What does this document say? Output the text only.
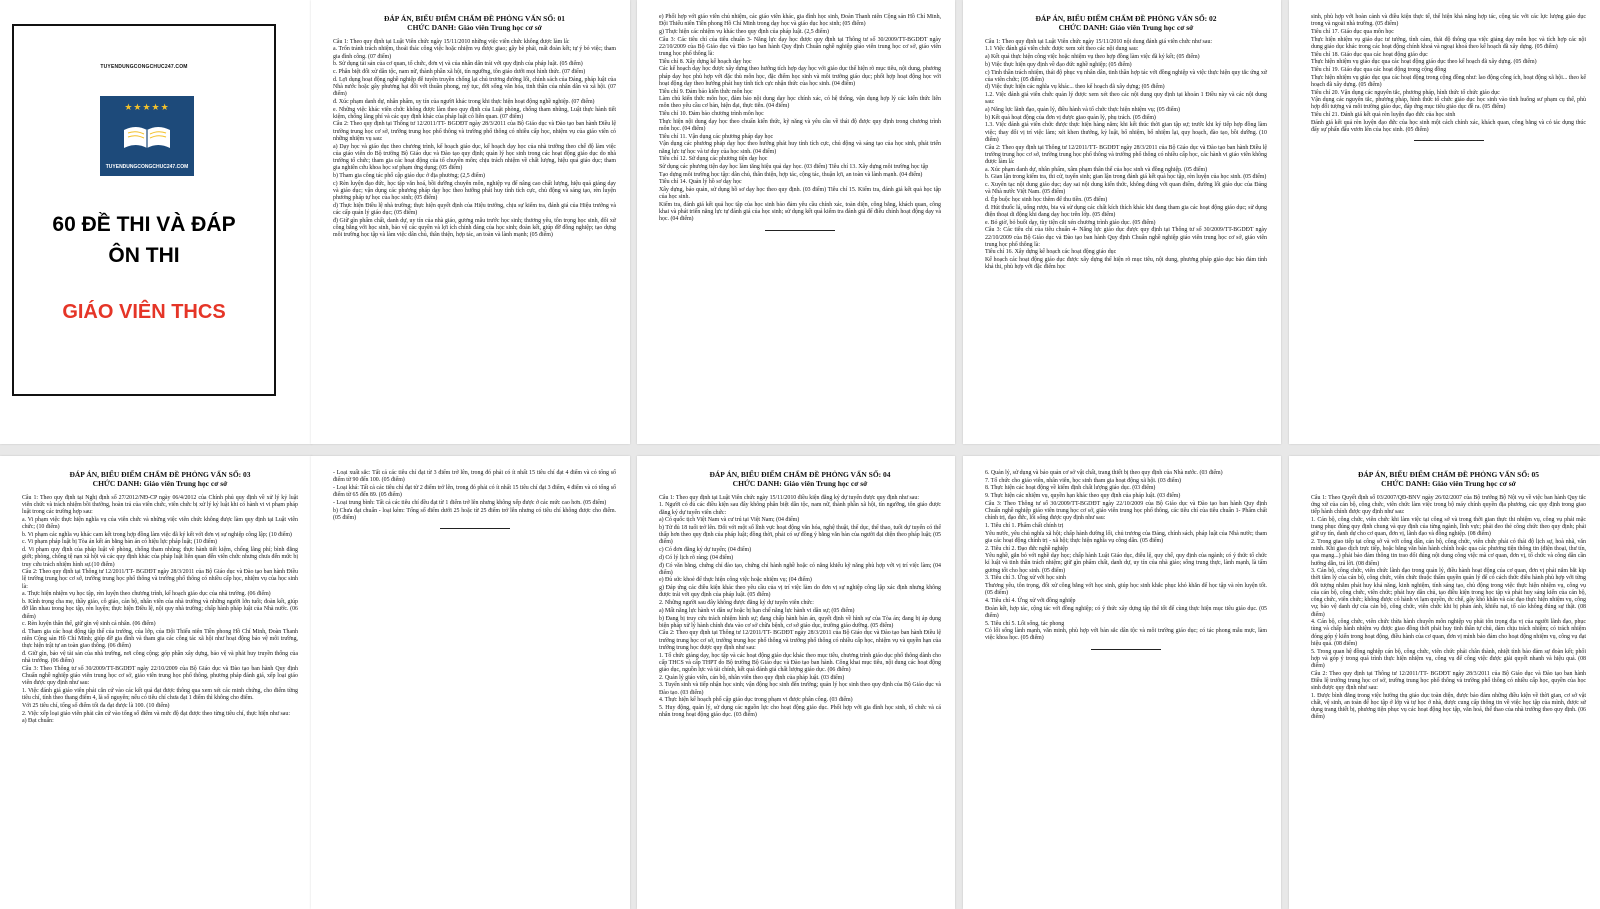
TUYENDUNGCONGCHUC247.COM
★★★★★
TUYENDUNGCONGCHUC247.COM
60 ĐỀ THI VÀ ĐÁP
ÔN THI
GIÁO VIÊN THCS
ĐÁP ÁN, BIỂU ĐIỂM CHẤM ĐỀ PHỎNG VẤN SỐ: 01
CHỨC DANH: Giáo viên Trung học cơ sở

Câu 1: Theo quy định tại Luật Viên chức ngày 15/11/2010 những việc viên chức không được làm là:

a. Trốn tránh trách nhiệm, thoái thác công việc hoặc nhiệm vụ được giao; gây bè phái, mất đoàn kết; tự ý bỏ việc; tham gia đình công. (07 điểm)

b. Sử dụng tài sản của cơ quan, tổ chức, đơn vị và của nhân dân trái với quy định của pháp luật. (05 điểm)

c. Phân biệt đối xử dân tộc, nam nữ, thành phần xã hội, tín ngưỡng, tôn giáo dưới mọi hình thức. (07 điểm)

d. Lợi dụng hoạt động nghề nghiệp để tuyên truyền chống lại chủ trương đường lối, chính sách của Đảng, pháp luật của Nhà nước hoặc gây phương hại đối với thuần phong, mỹ tục, đời sống văn hóa, tinh thần của nhân dân và xã hội. (07 điểm)

đ. Xúc phạm danh dự, nhân phẩm, uy tín của người khác trong khi thực hiện hoạt động nghề nghiệp. (07 điểm)

e. Những việc khác viên chức không được làm theo quy định của Luật phòng, chống tham nhũng, Luật thực hành tiết kiệm, chống lãng phí và các quy định khác của pháp luật có liên quan. (07 điểm)

Câu 2: Theo quy định tại Thông tư 12/2011/TT- BGDĐT ngày 28/3/2011 của Bộ Giáo dục và Đào tạo ban hành Điều lệ trường trung học cơ sở, trường trung học phổ thông và trường phổ thông có nhiều cấp học, nhiệm vụ của giáo viên có những nhiệm vụ sau:

a) Dạy học và giáo dục theo chương trình, kế hoạch giáo dục, kế hoạch dạy học của nhà trường theo chế độ làm việc của giáo viên do Bộ trưởng Bộ Giáo dục và Đào tạo quy định; quản lý học sinh trong các hoạt động giáo dục do nhà trường tổ chức; tham gia các hoạt động của tổ chuyên môn; chịu trách nhiệm về chất lượng, hiệu quả giáo dục; tham gia nghiên cứu khoa học sư phạm ứng dụng; (05 điểm)

b) Tham gia công tác phổ cập giáo dục ở địa phương; (2,5 điểm)

c) Rèn luyện đạo đức, học tập văn hoá, bồi dưỡng chuyên môn, nghiệp vụ để nâng cao chất lượng, hiệu quả giảng dạy và giáo dục; vận dụng các phương pháp dạy học theo hướng phát huy tính tích cực, chủ động và sáng tạo, rèn luyện phương pháp tự học của học sinh; (05 điểm)

d) Thực hiện Điều lệ nhà trường; thực hiện quyết định của Hiệu trưởng, chịu sự kiểm tra, đánh giá của Hiệu trưởng và các cấp quản lý giáo dục; (05 điểm)

đ) Giữ gìn phẩm chất, danh dự, uy tín của nhà giáo, gương mẫu trước học sinh; thương yêu, tôn trọng học sinh, đối xử công bằng với học sinh, bảo vệ các quyền và lợi ích chính đáng của học sinh; đoàn kết, giúp đỡ đồng nghiệp; tạo dựng môi trường học tập và làm việc dân chủ, thân thiện, hợp tác, an toàn và lành mạnh; (05 điểm)

e) Phối hợp với giáo viên chủ nhiệm, các giáo viên khác, gia đình học sinh, Đoàn Thanh niên Cộng sản Hồ Chí Minh, Đội Thiếu niên Tiền phong Hồ Chí Minh trong dạy học và giáo dục học sinh; (05 điểm)

g) Thực hiện các nhiệm vụ khác theo quy định của pháp luật. (2,5 điểm)

Câu 3: Các tiêu chí của tiêu chuẩn 3- Năng lực dạy học được quy định tại Thông tư số 30/2009/TT-BGDĐT ngày 22/10/2009 của Bộ Giáo dục và Đào tạo ban hành Quy định Chuẩn nghề nghiệp giáo viên trung học cơ sở, giáo viên trung học phổ thông là:

Tiêu chí 8. Xây dựng kế hoạch dạy học

Các kế hoạch dạy học được xây dựng theo hướng tích hợp dạy học với giáo dục thể hiện rõ mục tiêu, nội dung, phương pháp dạy học phù hợp với đặc thù môn học, đặc điểm học sinh và môi trường giáo dục; phối hợp hoạt động học với hoạt động dạy theo hướng phát huy tính tích cực nhận thức của học sinh. (04 điểm)

Tiêu chí 9. Đảm bảo kiến thức môn học

Làm chủ kiến thức môn học, đảm bảo nội dung dạy học chính xác, có hệ thống, vận dụng hợp lý các kiến thức liên môn theo yêu cầu cơ bản, hiện đại, thực tiễn. (04 điểm)

Tiêu chí 10. Đảm bảo chương trình môn học

Thực hiện nội dung dạy học theo chuẩn kiến thức, kỹ năng và yêu cầu về thái độ được quy định trong chương trình môn học. (04 điểm)

Tiêu chí 11. Vận dụng các phương pháp dạy học

Vận dụng các phương pháp dạy học theo hướng phát huy tính tích cực, chủ động và sáng tạo của học sinh, phát triển năng lực tự học và tư duy của học sinh. (04 điểm)

Tiêu chí 12. Sử dụng các phương tiện dạy học

Sử dụng các phương tiện dạy học làm tăng hiệu quả dạy học. (03 điểm) Tiêu chí 13. Xây dựng môi trường học tập

Tạo dựng môi trường học tập: dân chủ, thân thiện, hợp tác, cộng tác, thuận lợi, an toàn và lành mạnh. (04 điểm)

Tiêu chí 14. Quản lý hồ sơ dạy học

Xây dựng, bảo quản, sử dụng hồ sơ dạy học theo quy định. (03 điểm) Tiêu chí 15. Kiểm tra, đánh giá kết quả học tập của học sinh.

Kiểm tra, đánh giá kết quả học tập của học sinh bảo đảm yêu cầu chính xác, toàn diện, công bằng, khách quan, công khai và phát triển năng lực tự đánh giá của học sinh; sử dụng kết quả kiểm tra đánh giá để điều chỉnh hoạt động dạy và học. (04 điểm)

ĐÁP ÁN, BIỂU ĐIỂM CHẤM ĐỀ PHỎNG VẤN SỐ: 02
CHỨC DANH: Giáo viên Trung học cơ sở

Câu 1: Theo quy định tại Luật Viên chức ngày 15/11/2010 nội dung đánh giá viên chức như sau:

1.1 Việc đánh giá viên chức được xem xét theo các nội dung sau:

a) Kết quả thực hiện công việc hoặc nhiệm vụ theo hợp đồng làm việc đã ký kết; (05 điểm)

b) Việc thực hiện quy định về đạo đức nghề nghiệp; (05 điểm)

c) Tinh thần trách nhiệm, thái độ phục vụ nhân dân, tinh thần hợp tác với đồng nghiệp và việc thực hiện quy tắc ứng xử của viên chức; (05 điểm)

d) Việc thực hiện các nghĩa vụ khác... theo kế hoạch đã xây dựng; (05 điểm)

1.2. Việc đánh giá viên chức quản lý được xem xét theo các nội dung quy định tại khoản 1 Điều này và các nội dung sau:

a) Năng lực lãnh đạo, quản lý, điều hành và tổ chức thực hiện nhiệm vụ; (05 điểm)

b) Kết quả hoạt động của đơn vị được giao quản lý, phụ trách. (05 điểm)

1.3. Việc đánh giá viên chức được thực hiện hàng năm; khi kết thúc thời gian tập sự; trước khi ký tiếp hợp đồng làm việc; thay đổi vị trí việc làm; xét khen thưởng, kỷ luật, bổ nhiệm, bổ nhiệm lại, quy hoạch, đào tạo, bồi dưỡng. (10 điểm)

Câu 2: Theo quy định tại Thông tư 12/2011/TT- BGDĐT ngày 28/3/2011 của Bộ Giáo dục và Đào tạo ban hành Điều lệ trường trung học cơ sở, trường trung học phổ thông và trường phổ thông có nhiều cấp học, các hành vi giáo viên không được làm là:

a. Xúc phạm danh dự, nhân phẩm, xâm phạm thân thể của học sinh và đồng nghiệp. (05 điểm)

b. Gian lận trong kiểm tra, thi cử, tuyển sinh; gian lận trong đánh giá kết quả học tập, rèn luyện của học sinh. (05 điểm)

c. Xuyên tạc nội dung giáo dục; dạy sai nội dung kiến thức, không đúng với quan điểm, đường lối giáo dục của Đảng và Nhà nước Việt Nam. (05 điểm)

d. Ép buộc học sinh học thêm để thu tiền. (05 điểm)

đ. Hút thuốc lá, uống rượu, bia và sử dụng các chất kích thích khác khi đang tham gia các hoạt động giáo dục; sử dụng điện thoại di động khi đang dạy học trên lớp. (05 điểm)

e. Bỏ giờ, bỏ buổi dạy, tùy tiện cắt xén chương trình giáo dục. (05 điểm)

Câu 3: Các tiêu chí của tiêu chuẩn 4- Năng lực giáo dục được quy định tại Thông tư số 30/2009/TT-BGDĐT ngày 22/10/2009 của Bộ Giáo dục và Đào tạo ban hành Quy định Chuẩn nghề nghiệp giáo viên trung học cơ sở, giáo viên trung học phổ thông là:

Tiêu chí 16. Xây dựng kế hoạch các hoạt động giáo dục

Kế hoạch các hoạt động giáo dục được xây dựng thể hiện rõ mục tiêu, nội dung, phương pháp giáo dục bảo đảm tính khả thi, phù hợp với đặc điểm học

sinh, phù hợp với hoàn cảnh và điều kiện thực tế, thể hiện khả năng hợp tác, cộng tác với các lực lượng giáo dục trong và ngoài nhà trường. (05 điểm)

Tiêu chí 17. Giáo dục qua môn học

Thực hiện nhiệm vụ giáo dục tư tưởng, tình cảm, thái độ thông qua việc giảng dạy môn học và tích hợp các nội dung giáo dục khác trong các hoạt động chính khoá và ngoại khoá theo kế hoạch đã xây dựng. (05 điểm)

Tiêu chí 18. Giáo dục qua các hoạt động giáo dục

Thực hiện nhiệm vụ giáo dục qua các hoạt động giáo dục theo kế hoạch đã xây dựng. (05 điểm)

Tiêu chí 19. Giáo dục qua các hoạt động trong cộng đồng

Thực hiện nhiệm vụ giáo dục qua các hoạt động trong cộng đồng như: lao động công ích, hoạt động xã hội... theo kế hoạch đã xây dựng. (05 điểm)

Tiêu chí 20. Vận dụng các nguyên tắc, phương pháp, hình thức tổ chức giáo dục

Vận dụng các nguyên tắc, phương pháp, hình thức tổ chức giáo dục học sinh vào tình huống sư phạm cụ thể, phù hợp đối tượng và môi trường giáo dục, đáp ứng mục tiêu giáo dục đề ra. (05 điểm)

Tiêu chí 21. Đánh giá kết quả rèn luyện đạo đức của học sinh

Đánh giá kết quả rèn luyện đạo đức của học sinh một cách chính xác, khách quan, công bằng và có tác dụng thúc đẩy sự phấn đấu vươn lên của học sinh. (05 điểm)

ĐÁP ÁN, BIỂU ĐIỂM CHẤM ĐỀ PHỎNG VẤN SỐ: 03
CHỨC DANH: Giáo viên Trung học cơ sở

Câu 1: Theo quy định tại Nghị định số 27/2012/NĐ-CP ngày 06/4/2012 của Chính phủ quy định về xử lý kỷ luật viên chức và trách nhiệm bồi thường, hoàn trả của viên chức, viên chức bị xử lý kỷ luật khi có hành vi vi phạm pháp luật trong các trường hợp sau:

a. Vi phạm việc thực hiện nghĩa vụ của viên chức và những việc viên chức không được làm quy định tại Luật viên chức; (10 điểm)

b. Vi phạm các nghĩa vụ khác cam kết trong hợp đồng làm việc đã ký kết với đơn vị sự nghiệp công lập; (10 điểm)

c. Vi phạm pháp luật bị Tòa án kết án bằng bản án có hiệu lực pháp luật; (10 điểm)

d. Vi phạm quy định của pháp luật về phòng, chống tham nhũng; thực hành tiết kiệm, chống lãng phí; bình đẳng giới; phòng, chống tệ nạn xã hội và các quy định khác của pháp luật liên quan đến viên chức nhưng chưa đến mức bị truy cứu trách nhiệm hình sự.(10 điểm)

Câu 2: Theo quy định tại Thông tư 12/2011/TT- BGDĐT ngày 28/3/2011 của Bộ Giáo dục và Đào tạo ban hành Điều lệ trường trung học cơ sở, trường trung học phổ thông và trường phổ thông có nhiều cấp học, nhiệm vụ của học sinh là:

a. Thực hiện nhiệm vụ học tập, rèn luyện theo chương trình, kế hoạch giáo dục của nhà trường. (06 điểm)

b. Kính trọng cha mẹ, thầy giáo, cô giáo, cán bộ, nhân viên của nhà trường và những người lớn tuổi; đoàn kết, giúp đỡ lẫn nhau trong học tập, rèn luyện; thực hiện Điều lệ, nội quy nhà trường; chấp hành pháp luật của Nhà nước. (06 điểm)

c. Rèn luyện thân thể, giữ gìn vệ sinh cá nhân. (06 điểm)

d. Tham gia các hoạt động tập thể của trường, của lớp, của Đội Thiếu niên Tiền phong Hồ Chí Minh, Đoàn Thanh niên Cộng sản Hồ Chí Minh; giúp đỡ gia đình và tham gia các công tác xã hội như hoạt động bảo vệ môi trường, thực hiện trật tự an toàn giao thông. (06 điểm)

đ. Giữ gìn, bảo vệ tài sản của nhà trường, nơi công cộng; góp phần xây dựng, bảo vệ và phát huy truyền thống của nhà trường. (06 điểm)

Câu 3: Theo Thông tư số 30/2009/TT-BGDĐT ngày 22/10/2009 của Bộ Giáo dục và Đào tạo ban hành Quy định Chuẩn nghề nghiệp giáo viên trung học cơ sở, giáo viên trung học phổ thông, phương pháp đánh giá, xếp loại giáo viên được quy định như sau:

1. Việc đánh giá giáo viên phải căn cứ vào các kết quả đạt được thông qua xem xét các minh chứng, cho điểm từng tiêu chí, tính theo thang điểm 4, là số nguyên; nếu có tiêu chí chưa đạt 1 điểm thì không cho điểm.

Với 25 tiêu chí, tổng số điểm tối đa đạt được là 100. (10 điểm)

2. Việc xếp loại giáo viên phải căn cứ vào tổng số điểm và mức độ đạt được theo từng tiêu chí, thực hiện như sau:

a) Đạt chuẩn:

- Loại xuất sắc: Tất cả các tiêu chí đạt từ 3 điểm trở lên, trong đó phải có ít nhất 15 tiêu chí đạt 4 điểm và có tổng số điểm từ 90 đến 100. (05 điểm)

- Loại khá: Tất cả các tiêu chí đạt từ 2 điểm trở lên, trong đó phải có ít nhất 15 tiêu chí đạt 3 điểm, 4 điểm và có tổng số điểm từ 65 đến 89. (05 điểm)

- Loại trung bình: Tất cả các tiêu chí đều đạt từ 1 điểm trở lên nhưng không xếp được ở các mức cao hơn. (05 điểm)

b) Chưa đạt chuẩn - loại kém: Tổng số điểm dưới 25 hoặc từ 25 điểm trở lên nhưng có tiêu chí không được cho điểm. (05 điểm)

ĐÁP ÁN, BIỂU ĐIỂM CHẤM ĐỀ PHỎNG VẤN SỐ: 04
CHỨC DANH: Giáo viên Trung học cơ sở

Câu 1: Theo quy định tại Luật Viên chức ngày 15/11/2010 điều kiện đăng ký dự tuyển được quy định như sau:

1. Người có đủ các điều kiện sau đây không phân biệt dân tộc, nam nữ, thành phần xã hội, tín ngưỡng, tôn giáo được đăng ký dự tuyển viên chức:

a) Có quốc tịch Việt Nam và cư trú tại Việt Nam; (04 điểm)

b) Từ đủ 18 tuổi trở lên. Đối với một số lĩnh vực hoạt động văn hóa, nghệ thuật, thể dục, thể thao, tuổi dự tuyển có thể thấp hơn theo quy định của pháp luật; đồng thời, phải có sự đồng ý bằng văn bản của người đại diện theo pháp luật; (05 điểm)

c) Có đơn đăng ký dự tuyển; (04 điểm)

d) Có lý lịch rõ ràng; (04 điểm)

đ) Có văn bằng, chứng chỉ đào tạo, chứng chỉ hành nghề hoặc có năng khiếu kỹ năng phù hợp với vị trí việc làm; (04 điểm)

e) Đủ sức khoẻ để thực hiện công việc hoặc nhiệm vụ; (04 điểm)

g) Đáp ứng các điều kiện khác theo yêu cầu của vị trí việc làm do đơn vị sự nghiệp công lập xác định nhưng không được trái với quy định của pháp luật. (05 điểm)

2. Những người sau đây không được đăng ký dự tuyển viên chức:

a) Mất năng lực hành vi dân sự hoặc bị hạn chế năng lực hành vi dân sự; (05 điểm)

b) Đang bị truy cứu trách nhiệm hình sự; đang chấp hành bản án, quyết định về hình sự của Tòa án; đang bị áp dụng biện pháp xử lý hành chính đưa vào cơ sở chữa bệnh, cơ sở giáo dục, trường giáo dưỡng. (05 điểm)

Câu 2: Theo quy định tại Thông tư 12/2011/TT- BGDĐT ngày 28/3/2011 của Bộ Giáo dục và Đào tạo ban hành Điều lệ trường trung học cơ sở, trường trung học phổ thông và trường phổ thông có nhiều cấp học, nhiệm vụ và quyền hạn của trường trung học được quy định như sau:

1. Tổ chức giảng dạy, học tập và các hoạt động giáo dục khác theo mục tiêu, chương trình giáo dục phổ thông dành cho cấp THCS và cấp THPT do Bộ trưởng Bộ Giáo dục và Đào tạo ban hành. Công khai mục tiêu, nội dung các hoạt động giáo dục, nguồn lực và tài chính, kết quả đánh giá chất lượng giáo dục. (06 điểm)

2. Quản lý giáo viên, cán bộ, nhân viên theo quy định của pháp luật. (03 điểm)

3. Tuyển sinh và tiếp nhận học sinh; vận động học sinh đến trường; quản lý học sinh theo quy định của Bộ Giáo dục và Đào tạo. (03 điểm)

4. Thực hiện kế hoạch phổ cập giáo dục trong phạm vi được phân công. (03 điểm)

5. Huy động, quản lý, sử dụng các nguồn lực cho hoạt động giáo dục. Phối hợp với gia đình học sinh, tổ chức và cá nhân trong hoạt động giáo dục. (03 điểm)

6. Quản lý, sử dụng và bảo quản cơ sở vật chất, trang thiết bị theo quy định của Nhà nước. (03 điểm)

7. Tổ chức cho giáo viên, nhân viên, học sinh tham gia hoạt động xã hội. (03 điểm)

8. Thực hiện các hoạt động về kiểm định chất lượng giáo dục. (03 điểm)

9. Thực hiện các nhiệm vụ, quyền hạn khác theo quy định của pháp luật. (03 điểm)

Câu 3: Theo Thông tư số 30/2009/TT-BGDĐT ngày 22/10/2009 của Bộ Giáo dục và Đào tạo ban hành Quy định Chuẩn nghề nghiệp giáo viên trung học cơ sở, giáo viên trung học phổ thông, các tiêu chí của tiêu chuẩn 1- Phẩm chất chính trị, đạo đức, lối sống được quy định như sau:

1. Tiêu chí 1. Phẩm chất chính trị

Yêu nước, yêu chủ nghĩa xã hội; chấp hành đường lối, chủ trương của Đảng, chính sách, pháp luật của Nhà nước; tham gia các hoạt động chính trị - xã hội; thực hiện nghĩa vụ công dân. (05 điểm)

2. Tiêu chí 2. Đạo đức nghề nghiệp

Yêu nghề, gắn bó với nghề dạy học; chấp hành Luật Giáo dục, điều lệ, quy chế, quy định của ngành; có ý thức tổ chức kỉ luật và tinh thần trách nhiệm; giữ gìn phẩm chất, danh dự, uy tín của nhà giáo; sống trung thực, lành mạnh, là tấm gương tốt cho học sinh. (05 điểm)

3. Tiêu chí 3. Ứng xử với học sinh

Thương yêu, tôn trọng, đối xử công bằng với học sinh, giúp học sinh khắc phục khó khăn để học tập và rèn luyện tốt. (05 điểm)

4. Tiêu chí 4. Ứng xử với đồng nghiệp

Đoàn kết, hợp tác, cộng tác với đồng nghiệp; có ý thức xây dựng tập thể tốt để cùng thực hiện mục tiêu giáo dục. (05 điểm)

5. Tiêu chí 5. Lối sống, tác phong

Có lối sống lành mạnh, văn minh, phù hợp với bản sắc dân tộc và môi trường giáo dục; có tác phong mẫu mực, làm việc khoa học. (05 điểm)

ĐÁP ÁN, BIỂU ĐIỂM CHẤM ĐỀ PHỎNG VẤN SỐ: 05
CHỨC DANH: Giáo viên Trung học cơ sở

Câu 1: Theo Quyết định số 03/2007/QĐ-BNV ngày 26/02/2007 của Bộ trưởng Bộ Nội vụ về việc ban hành Quy tắc ứng xử của cán bộ, công chức, viên chức làm việc trong bộ máy chính quyền địa phương, các quy định trong giao tiếp hành chính được quy định như sau:

1. Cán bộ, công chức, viên chức khi làm việc tại công sở và trong thời gian thực thi nhiệm vụ, công vụ phải mặc trang phục đúng quy định chung và quy định của từng ngành, lĩnh vực; phải đeo thẻ công chức theo quy định; phải giữ uy tín, danh dự cho cơ quan, đơn vị, lãnh đạo và đồng nghiệp. (08 điểm)

2. Trong giao tiếp tại công sở và với công dân, cán bộ, công chức, viên chức phải có thái độ lịch sự, hoà nhã, văn minh. Khi giao dịch trực tiếp, hoặc bằng văn bản hành chính hoặc qua các phương tiện thông tin (điện thoại, thư tín, qua mạng...) phải bảo đảm thông tin trao đổi đúng nội dung công việc mà cơ quan, đơn vị, tổ chức và công dân cần hướng dẫn, trả lời. (08 điểm)

3. Cán bộ, công chức, viên chức lãnh đạo trong quản lý, điều hành hoạt động của cơ quan, đơn vị phải nắm bắt kịp thời tâm lý của cán bộ, công chức, viên chức thuộc thẩm quyền quản lý để có cách thức điều hành phù hợp với từng đối tượng nhằm phát huy khả năng, kinh nghiệm, tính sáng tạo, chủ động trong việc thực hiện nhiệm vụ, công vụ của cán bộ, công chức, viên chức; phát huy dân chủ, tạo điều kiện trong học tập và phát huy sáng kiến của cán bộ, công chức, viên chức; không được có hành vi lạm quyền, ức chế, gây khó khăn và các đạo thực hiện nhiệm vụ, công vụ; bảo vệ danh dự của cán bộ, công chức, viên chức khi bị phản ánh, khiếu nại, tố cáo không đúng sự thật. (08 điểm)

4. Cán bộ, công chức, viên chức thừa hành chuyên môn nghiệp vụ phải tôn trọng địa vị của người lãnh đạo, phục tùng và chấp hành nhiệm vụ được giao đồng thời phát huy tinh thần tự chủ, dám chịu trách nhiệm; có trách nhiệm đóng góp ý kiến trong hoạt động, điều hành của cơ quan, đơn vị mình bảo đảm cho hoạt động nhiệm vụ, công vụ đạt hiệu quả. (08 điểm)

5. Trong quan hệ đồng nghiệp cán bộ, công chức, viên chức phải chân thành, nhiệt tình bảo đảm sự đoàn kết; phối hợp và góp ý trong quá trình thực hiện nhiệm vụ, công vụ để công việc được giải quyết nhanh và hiệu quả. (08 điểm)

Câu 2: Theo quy định tại Thông tư 12/2011/TT- BGDĐT ngày 28/3/2011 của Bộ Giáo dục và Đào tạo ban hành Điều lệ trường trung học cơ sở, trường trung học phổ thông và trường phổ thông có nhiều cấp học, quyền của học sinh được quy định như sau:

1. Được bình đẳng trong việc hưởng thụ giáo dục toàn diện, được bảo đảm những điều kiện về thời gian, cơ sở vật chất, vệ sinh, an toàn để học tập ở lớp và tự học ở nhà, được cung cấp thông tin về việc học tập của mình, được sử dụng trang thiết bị, phương tiện phục vụ các hoạt động học tập, văn hoá, thể thao của nhà trường theo quy định. (06 điểm)
